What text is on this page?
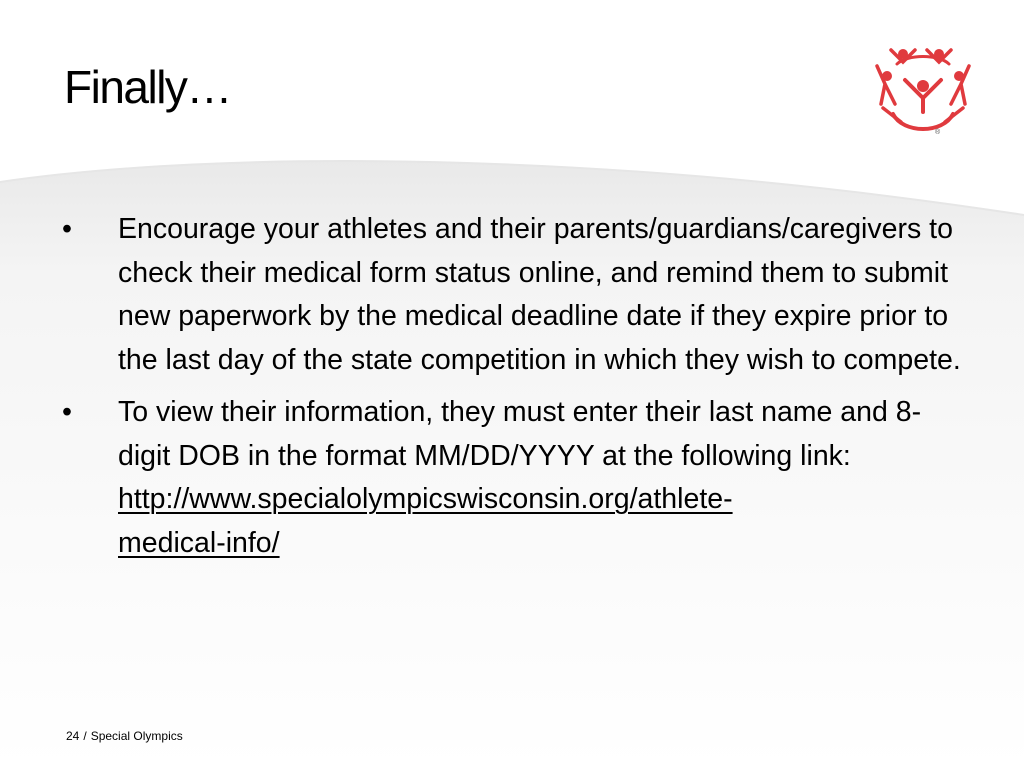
Finally…
®
•	Encourage your athletes and their parents/guardians/caregivers to check their medical form status online, and remind them to submit new paperwork by the medical deadline date if they expire prior to the last day of the state competition in which they wish to compete.
•	To view their information, they must enter their last name and 8-digit DOB in the format MM/DD/YYYY at the following link:
http://www.specialolympicswisconsin.org/athlete-
medical-info/
24 / Special Olympics
